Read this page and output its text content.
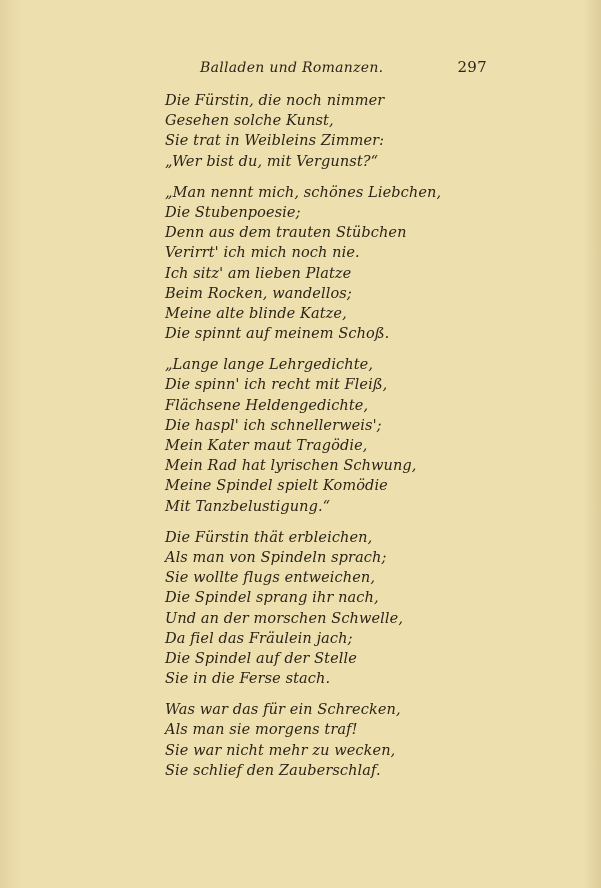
Balladen und Romanzen.	297
Die Fürstin, die noch nimmer
Gesehen solche Kunst,
Sie trat in Weibleins Zimmer:
„Wer bist du, mit Vergunst?“
„Man nennt mich, schönes Liebchen,
Die Stubenpoesie;
Denn aus dem trauten Stübchen
Verirrt' ich mich noch nie.
Ich sitz' am lieben Platze
Beim Rocken, wandellos;
Meine alte blinde Katze,
Die spinnt auf meinem Schoß.
„Lange lange Lehrgedichte,
Die spinn' ich recht mit Fleiß,
Flächsene Heldengedichte,
Die haspl' ich schnellerweis';
Mein Kater maut Tragödie,
Mein Rad hat lyrischen Schwung,
Meine Spindel spielt Komödie
Mit Tanzbelustigung.“
Die Fürstin thät erbleichen,
Als man von Spindeln sprach;
Sie wollte flugs entweichen,
Die Spindel sprang ihr nach,
Und an der morschen Schwelle,
Da fiel das Fräulein jach;
Die Spindel auf der Stelle
Sie in die Ferse stach.
Was war das für ein Schrecken,
Als man sie morgens traf!
Sie war nicht mehr zu wecken,
Sie schlief den Zauberschlaf.
